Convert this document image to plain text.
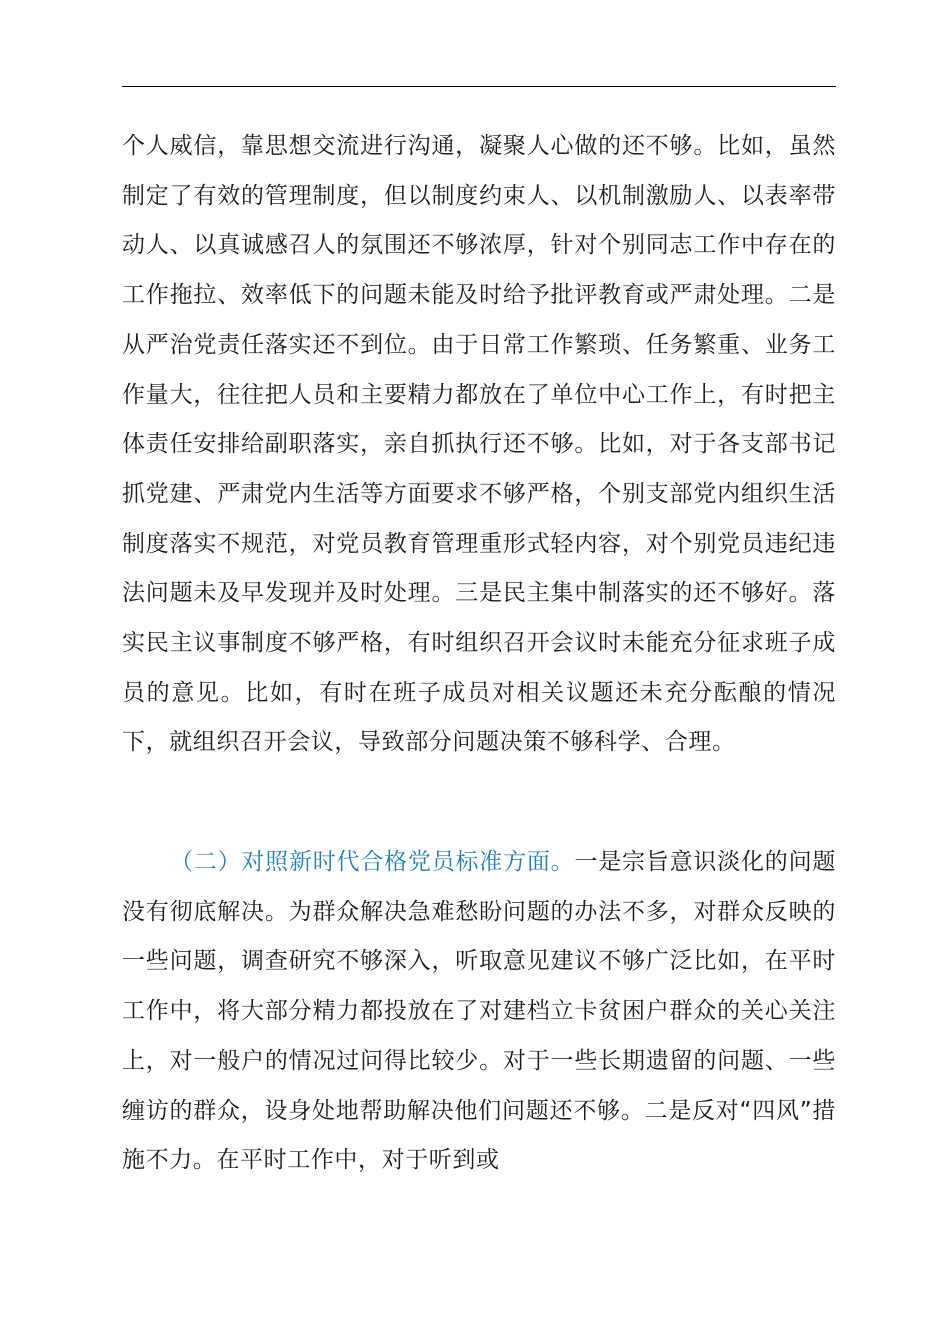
个人威信，靠思想交流进行沟通，凝聚人心做的还不够。比如，虽然制定了有效的管理制度，但以制度约束人、以机制激励人、以表率带动人、以真诚感召人的氛围还不够浓厚，针对个别同志工作中存在的工作拖拉、效率低下的问题未能及时给予批评教育或严肃处理。二是从严治党责任落实还不到位。由于日常工作繁琐、任务繁重、业务工作量大，往往把人员和主要精力都放在了单位中心工作上，有时把主体责任安排给副职落实，亲自抓执行还不够。比如，对于各支部书记抓党建、严肃党内生活等方面要求不够严格，个别支部党内组织生活制度落实不规范，对党员教育管理重形式轻内容，对个别党员违纪违法问题未及早发现并及时处理。三是民主集中制落实的还不够好。落实民主议事制度不够严格，有时组织召开会议时未能充分征求班子成员的意见。比如，有时在班子成员对相关议题还未充分酝酿的情况下，就组织召开会议，导致部分问题决策不够科学、合理。

（二）对照新时代合格党员标准方面。一是宗旨意识淡化的问题没有彻底解决。为群众解决急难愁盼问题的办法不多，对群众反映的一些问题，调查研究不够深入，听取意见建议不够广泛比如，在平时工作中，将大部分精力都投放在了对建档立卡贫困户群众的关心关注上，对一般户的情况过问得比较少。对于一些长期遗留的问题、一些缠访的群众，设身处地帮助解决他们问题还不够。二是反对“四风”措施不力。在平时工作中，对于听到或
